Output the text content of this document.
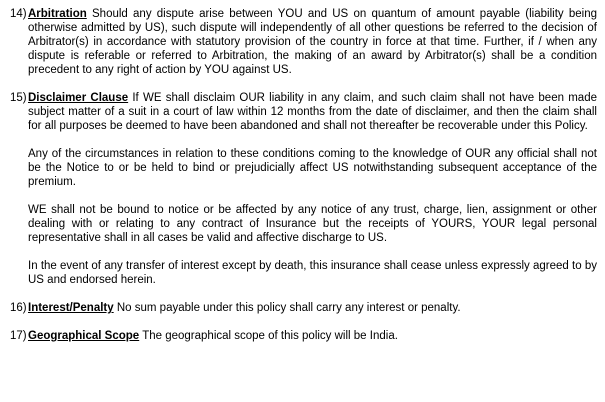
14) Arbitration Should any dispute arise between YOU and US on quantum of amount payable (liability being otherwise admitted by US), such dispute will independently of all other questions be referred to the decision of Arbitrator(s) in accordance with statutory provision of the country in force at that time. Further, if / when any dispute is referable or referred to Arbitration, the making of an award by Arbitrator(s) shall be a condition precedent to any right of action by YOU against US.

15) Disclaimer Clause If WE shall disclaim OUR liability in any claim, and such claim shall not have been made subject matter of a suit in a court of law within 12 months from the date of disclaimer, and then the claim shall for all purposes be deemed to have been abandoned and shall not thereafter be recoverable under this Policy.

Any of the circumstances in relation to these conditions coming to the knowledge of OUR any official shall not be the Notice to or be held to bind or prejudicially affect US notwithstanding subsequent acceptance of the premium.

WE shall not be bound to notice or be affected by any notice of any trust, charge, lien, assignment or other dealing with or relating to any contract of Insurance but the receipts of YOURS, YOUR legal personal representative shall in all cases be valid and affective discharge to US.

In the event of any transfer of interest except by death, this insurance shall cease unless expressly agreed to by US and endorsed herein.

16) Interest/Penalty No sum payable under this policy shall carry any interest or penalty.

17) Geographical Scope The geographical scope of this policy will be India.
